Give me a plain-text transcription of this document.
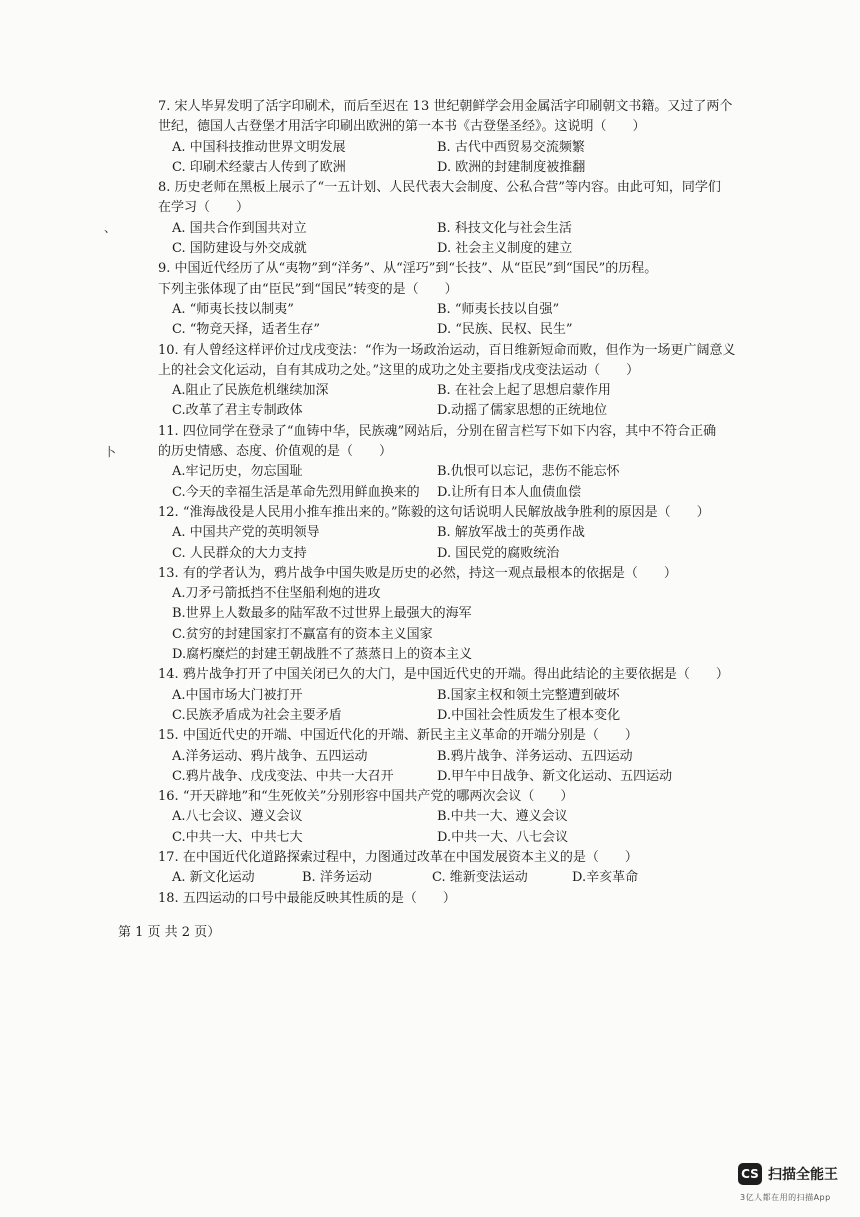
、
卜
7. 宋人毕昇发明了活字印刷术，而后至迟在 13 世纪朝鲜学会用金属活字印刷朝文书籍。又过了两个
世纪，德国人古登堡才用活字印刷出欧洲的第一本书《古登堡圣经》。这说明（　　）
A. 中国科技推动世界文明发展	B. 古代中西贸易交流频繁
C. 印刷术经蒙古人传到了欧洲	D. 欧洲的封建制度被推翻
8. 历史老师在黑板上展示了“一五计划、人民代表大会制度、公私合营”等内容。由此可知，同学们
在学习（　　）
A. 国共合作到国共对立	B. 科技文化与社会生活
C. 国防建设与外交成就	D. 社会主义制度的建立
9. 中国近代经历了从“夷物”到“洋务”、从“淫巧”到“长技”、从“臣民”到“国民”的历程。
下列主张体现了由“臣民”到“国民”转变的是（　　）
A. “师夷长技以制夷”	B. “师夷长技以自强”
C. “物竞天择，适者生存”	D. “民族、民权、民生”
10. 有人曾经这样评价过戊戌变法：“作为一场政治运动，百日维新短命而败，但作为一场更广阔意义
上的社会文化运动，自有其成功之处。”这里的成功之处主要指戊戌变法运动（　　）
A.阻止了民族危机继续加深	B. 在社会上起了思想启蒙作用
C.改革了君主专制政体	D.动摇了儒家思想的正统地位
11. 四位同学在登录了“血铸中华，民族魂”网站后，分别在留言栏写下如下内容，其中不符合正确
的历史情感、态度、价值观的是（　　）
A.牢记历史，勿忘国耻	B.仇恨可以忘记，悲伤不能忘怀
C.今天的幸福生活是革命先烈用鲜血换来的	D.让所有日本人血债血偿
12. “淮海战役是人民用小推车推出来的。”陈毅的这句话说明人民解放战争胜利的原因是（　　）
A. 中国共产党的英明领导	B. 解放军战士的英勇作战
C. 人民群众的大力支持	D. 国民党的腐败统治
13. 有的学者认为，鸦片战争中国失败是历史的必然，持这一观点最根本的依据是（　　）
A.刀矛弓箭抵挡不住坚船利炮的进攻
B.世界上人数最多的陆军敌不过世界上最强大的海军
C.贫穷的封建国家打不赢富有的资本主义国家
D.腐朽糜烂的封建王朝战胜不了蒸蒸日上的资本主义
14. 鸦片战争打开了中国关闭已久的大门，是中国近代史的开端。得出此结论的主要依据是（　　）
A.中国市场大门被打开	B.国家主权和领土完整遭到破坏
C.民族矛盾成为社会主要矛盾	D.中国社会性质发生了根本变化
15. 中国近代史的开端、中国近代化的开端、新民主主义革命的开端分别是（　　）
A.洋务运动、鸦片战争、五四运动	B.鸦片战争、洋务运动、五四运动
C.鸦片战争、戊戌变法、中共一大召开	D.甲午中日战争、新文化运动、五四运动
16. “开天辟地”和“生死攸关”分别形容中国共产党的哪两次会议（　　）
A.八七会议、遵义会议	B.中共一大、遵义会议
C.中共一大、中共七大	D.中共一大、八七会议
17. 在中国近代化道路探索过程中，力图通过改革在中国发展资本主义的是（　　）
A. 新文化运动	B. 洋务运动	C. 维新变法运动	D.辛亥革命
18. 五四运动的口号中最能反映其性质的是（　　）
第 1 页 共 2 页）
CS 扫描全能王
3亿人都在用的扫描App
